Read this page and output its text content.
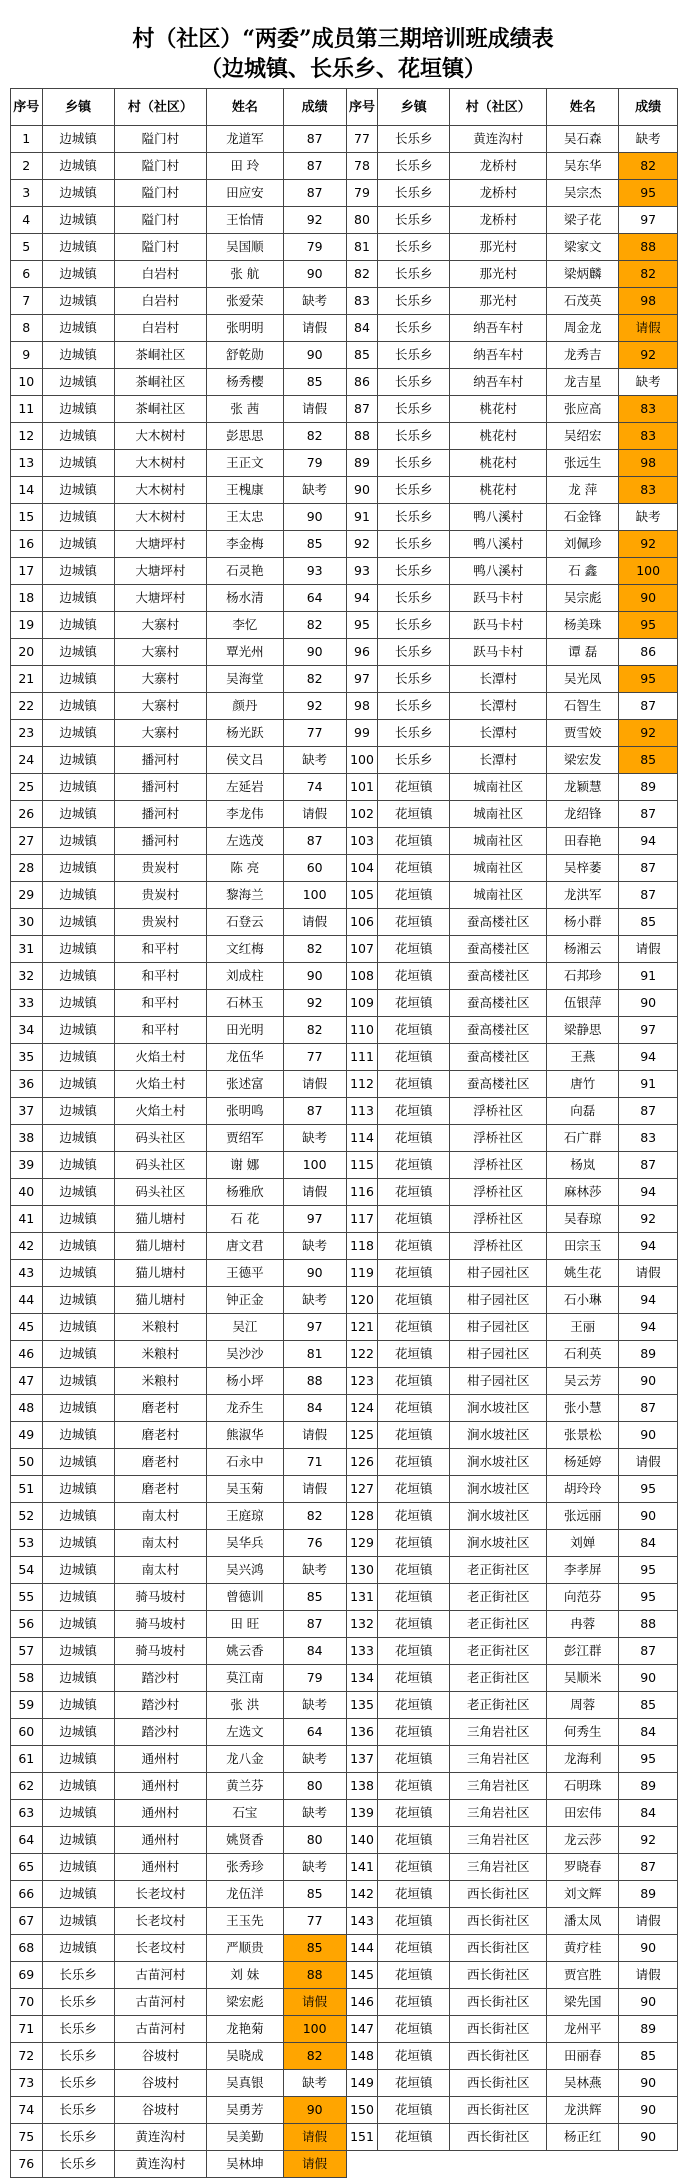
村（社区）“两委”成员第三期培训班成绩表
（边城镇、长乐乡、花垣镇）
序号	乡镇	村（社区）	姓名	成绩	序号	乡镇	村（社区）	姓名	成绩
1	边城镇	隘门村	龙道军	87	77	长乐乡	黄连沟村	吴石森	缺考
2	边城镇	隘门村	田 玲	87	78	长乐乡	龙桥村	吴东华	82
3	边城镇	隘门村	田应安	87	79	长乐乡	龙桥村	吴宗杰	95
4	边城镇	隘门村	王怡情	92	80	长乐乡	龙桥村	梁子花	97
5	边城镇	隘门村	吴国顺	79	81	长乐乡	那光村	梁家文	88
6	边城镇	白岩村	张 航	90	82	长乐乡	那光村	梁炳麟	82
7	边城镇	白岩村	张爱荣	缺考	83	长乐乡	那光村	石茂英	98
8	边城镇	白岩村	张明明	请假	84	长乐乡	纳吾车村	周金龙	请假
9	边城镇	茶峒社区	舒乾勋	90	85	长乐乡	纳吾车村	龙秀吉	92
10	边城镇	茶峒社区	杨秀樱	85	86	长乐乡	纳吾车村	龙吉星	缺考
11	边城镇	茶峒社区	张 茜	请假	87	长乐乡	桃花村	张应高	83
12	边城镇	大木树村	彭思思	82	88	长乐乡	桃花村	吴绍宏	83
13	边城镇	大木树村	王正文	79	89	长乐乡	桃花村	张远生	98
14	边城镇	大木树村	王槐康	缺考	90	长乐乡	桃花村	龙 萍	83
15	边城镇	大木树村	王太忠	90	91	长乐乡	鸭八溪村	石金锋	缺考
16	边城镇	大塘坪村	李金梅	85	92	长乐乡	鸭八溪村	刘佩珍	92
17	边城镇	大塘坪村	石灵艳	93	93	长乐乡	鸭八溪村	石 鑫	100
18	边城镇	大塘坪村	杨水清	64	94	长乐乡	跃马卡村	吴宗彪	90
19	边城镇	大寨村	李忆	82	95	长乐乡	跃马卡村	杨美珠	95
20	边城镇	大寨村	覃光州	90	96	长乐乡	跃马卡村	谭 磊	86
21	边城镇	大寨村	吴海堂	82	97	长乐乡	长潭村	吴光凤	95
22	边城镇	大寨村	颜丹	92	98	长乐乡	长潭村	石智生	87
23	边城镇	大寨村	杨光跃	77	99	长乐乡	长潭村	贾雪姣	92
24	边城镇	播河村	侯文吕	缺考	100	长乐乡	长潭村	梁宏发	85
25	边城镇	播河村	左延岩	74	101	花垣镇	城南社区	龙颖慧	89
26	边城镇	播河村	李龙伟	请假	102	花垣镇	城南社区	龙绍锋	87
27	边城镇	播河村	左选茂	87	103	花垣镇	城南社区	田春艳	94
28	边城镇	贵炭村	陈 亮	60	104	花垣镇	城南社区	吴梓萎	87
29	边城镇	贵炭村	黎海兰	100	105	花垣镇	城南社区	龙洪军	87
30	边城镇	贵炭村	石登云	请假	106	花垣镇	蚕高楼社区	杨小群	85
31	边城镇	和平村	文红梅	82	107	花垣镇	蚕高楼社区	杨湘云	请假
32	边城镇	和平村	刘成柱	90	108	花垣镇	蚕高楼社区	石邦珍	91
33	边城镇	和平村	石林玉	92	109	花垣镇	蚕高楼社区	伍银萍	90
34	边城镇	和平村	田光明	82	110	花垣镇	蚕高楼社区	梁静思	97
35	边城镇	火焰土村	龙伍华	77	111	花垣镇	蚕高楼社区	王燕	94
36	边城镇	火焰土村	张述富	请假	112	花垣镇	蚕高楼社区	唐竹	91
37	边城镇	火焰土村	张明鸣	87	113	花垣镇	浮桥社区	向磊	87
38	边城镇	码头社区	贾绍军	缺考	114	花垣镇	浮桥社区	石广群	83
39	边城镇	码头社区	谢 娜	100	115	花垣镇	浮桥社区	杨岚	87
40	边城镇	码头社区	杨雅欣	请假	116	花垣镇	浮桥社区	麻林莎	94
41	边城镇	猫儿塘村	石 花	97	117	花垣镇	浮桥社区	吴春琼	92
42	边城镇	猫儿塘村	唐文君	缺考	118	花垣镇	浮桥社区	田宗玉	94
43	边城镇	猫儿塘村	王德平	90	119	花垣镇	柑子园社区	姚生花	请假
44	边城镇	猫儿塘村	钟正金	缺考	120	花垣镇	柑子园社区	石小琳	94
45	边城镇	米粮村	吴江	97	121	花垣镇	柑子园社区	王丽	94
46	边城镇	米粮村	吴沙沙	81	122	花垣镇	柑子园社区	石利英	89
47	边城镇	米粮村	杨小坪	88	123	花垣镇	柑子园社区	吴云芳	90
48	边城镇	磨老村	龙乔生	84	124	花垣镇	涧水坡社区	张小慧	87
49	边城镇	磨老村	熊淑华	请假	125	花垣镇	涧水坡社区	张景松	90
50	边城镇	磨老村	石永中	71	126	花垣镇	涧水坡社区	杨延婷	请假
51	边城镇	磨老村	吴玉菊	请假	127	花垣镇	涧水坡社区	胡玲玲	95
52	边城镇	南太村	王庭琼	82	128	花垣镇	涧水坡社区	张远丽	90
53	边城镇	南太村	吴华兵	76	129	花垣镇	涧水坡社区	刘婵	84
54	边城镇	南太村	吴兴鸿	缺考	130	花垣镇	老正街社区	李孝屏	95
55	边城镇	骑马坡村	曾德训	85	131	花垣镇	老正街社区	向范芬	95
56	边城镇	骑马坡村	田 旺	87	132	花垣镇	老正街社区	冉蓉	88
57	边城镇	骑马坡村	姚云香	84	133	花垣镇	老正街社区	彭江群	87
58	边城镇	踏沙村	莫江南	79	134	花垣镇	老正街社区	吴顺米	90
59	边城镇	踏沙村	张 洪	缺考	135	花垣镇	老正街社区	周蓉	85
60	边城镇	踏沙村	左选文	64	136	花垣镇	三角岩社区	何秀生	84
61	边城镇	通州村	龙八金	缺考	137	花垣镇	三角岩社区	龙海利	95
62	边城镇	通州村	黄兰芬	80	138	花垣镇	三角岩社区	石明珠	89
63	边城镇	通州村	石宝	缺考	139	花垣镇	三角岩社区	田宏伟	84
64	边城镇	通州村	姚贤香	80	140	花垣镇	三角岩社区	龙云莎	92
65	边城镇	通州村	张秀珍	缺考	141	花垣镇	三角岩社区	罗晓春	87
66	边城镇	长老坟村	龙伍洋	85	142	花垣镇	西长街社区	刘文辉	89
67	边城镇	长老坟村	王玉先	77	143	花垣镇	西长街社区	潘太凤	请假
68	边城镇	长老坟村	严顺贵	85	144	花垣镇	西长街社区	黄疗桂	90
69	长乐乡	古苗河村	刘 妹	88	145	花垣镇	西长街社区	贾宫胜	请假
70	长乐乡	古苗河村	梁宏彪	请假	146	花垣镇	西长街社区	梁先国	90
71	长乐乡	古苗河村	龙艳菊	100	147	花垣镇	西长街社区	龙州平	89
72	长乐乡	谷坡村	吴晓成	82	148	花垣镇	西长街社区	田丽春	85
73	长乐乡	谷坡村	吴真银	缺考	149	花垣镇	西长街社区	吴林燕	90
74	长乐乡	谷坡村	吴勇芳	90	150	花垣镇	西长街社区	龙洪辉	90
75	长乐乡	黄连沟村	吴美勤	请假	151	花垣镇	西长街社区	杨正红	90
76	长乐乡	黄连沟村	吴林坤	请假					
